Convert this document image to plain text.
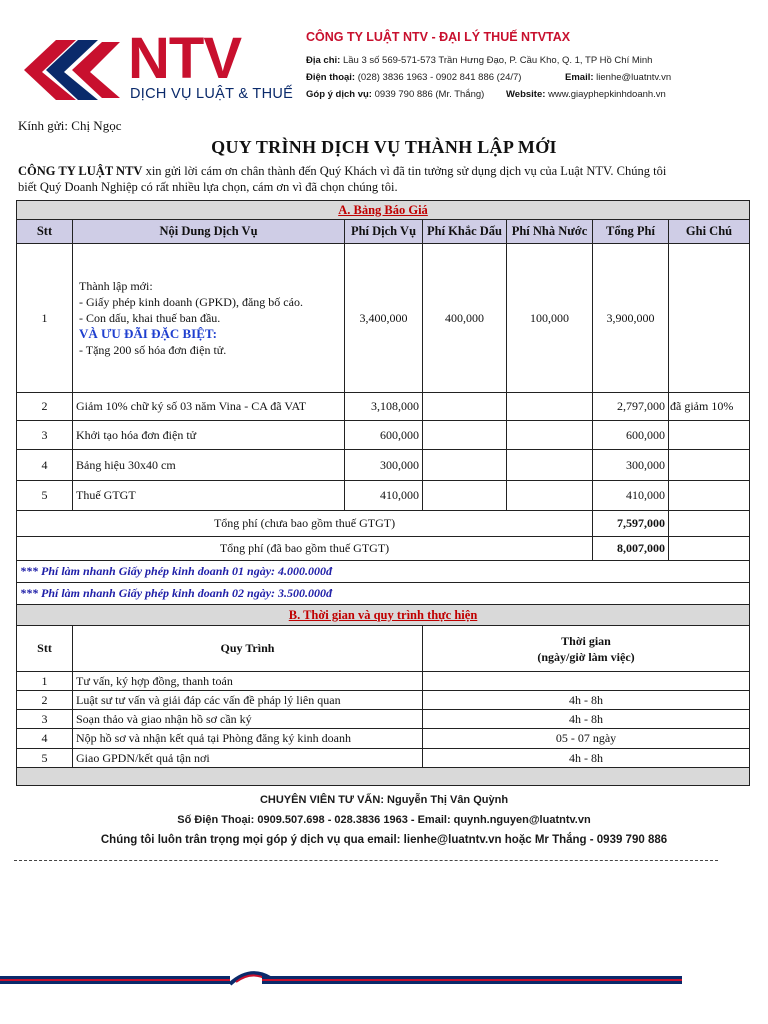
NTV
DỊCH VỤ LUẬT & THUẾ
CÔNG TY LUẬT NTV - ĐẠI LÝ THUẾ NTVTAX
Địa chỉ: Lầu 3 số 569-571-573 Trần Hưng Đạo, P. Cầu Kho, Q. 1, TP Hồ Chí Minh
Điện thoại: (028) 3836 1963 - 0902 841 886 (24/7)	Email: lienhe@luatntv.vn
Góp ý dịch vụ: 0939 790 886 (Mr. Thắng) Website: www.giayphepkinhdoanh.vn
Kính gửi: Chị Ngọc
QUY TRÌNH DỊCH VỤ THÀNH LẬP MỚI
CÔNG TY LUẬT NTV xin gửi lời cám ơn chân thành đến Quý Khách vì đã tin tưởng sử dụng dịch vụ của Luật NTV. Chúng tôi
biết Quý Doanh Nghiệp có rất nhiều lựa chọn, cám ơn vì đã chọn chúng tôi.
A. Bảng Báo Giá						
Stt	Nội Dung Dịch Vụ	Phí Dịch Vụ	Phí Khắc Dấu	Phí Nhà Nước	Tổng Phí	Ghi Chú
1	Thành lập mới:
- Giấy phép kinh doanh (GPKD), đăng bố cáo.
- Con dấu, khai thuế ban đầu.
VÀ ƯU ĐÃI ĐẶC BIỆT:
- Tặng 200 số hóa đơn điện tử.	3,400,000	400,000	100,000	3,900,000	
2	Giảm 10% chữ ký số 03 năm Vina - CA đã VAT	3,108,000			2,797,000	đã giảm 10%
3	Khởi tạo hóa đơn điện tử	600,000			600,000	
4	Bảng hiệu 30x40 cm	300,000			300,000	
5	Thuế GTGT	410,000			410,000	
Tổng phí (chưa bao gồm thuế GTGT)					7,597,000	
Tổng phí (đã bao gồm thuế GTGT)					8,007,000	
*** Phí làm nhanh Giấy phép kinh doanh 01 ngày: 4.000.000đ						
*** Phí làm nhanh Giấy phép kinh doanh 02 ngày: 3.500.000đ						
B. Thời gian và quy trình thực hiện						
Stt	Quy Trình		Thời gian
(ngày/giờ làm việc)			

1	Tư vấn, ký hợp đồng, thanh toán					
2	Luật sư tư vấn và giải đáp các vấn đề pháp lý liên quan		4h - 8h			
3	Soạn thảo và giao nhận hồ sơ cần ký		4h - 8h			
4	Nộp hồ sơ và nhận kết quả tại Phòng đăng ký kinh doanh		05 - 07 ngày			
5	Giao GPDN/kết quả tận nơi		4h - 8h			

CHUYÊN VIÊN TƯ VẤN: Nguyễn Thị Vân Quỳnh
Số Điện Thoại: 0909.507.698 - 028.3836 1963 - Email: quynh.nguyen@luatntv.vn
Chúng tôi luôn trân trọng mọi góp ý dịch vụ qua email: lienhe@luatntv.vn hoặc Mr Thắng - 0939 790 886
